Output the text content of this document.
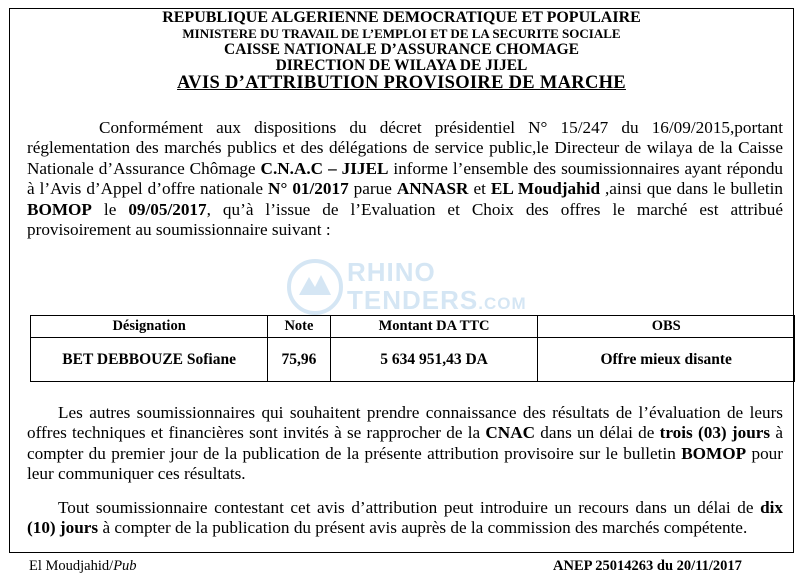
REPUBLIQUE ALGERIENNE DEMOCRATIQUE ET POPULAIRE
MINISTERE DU TRAVAIL DE L’EMPLOI ET DE LA SECURITE SOCIALE
CAISSE NATIONALE D’ASSURANCE CHOMAGE
DIRECTION DE WILAYA DE JIJEL
AVIS D’ATTRIBUTION PROVISOIRE DE MARCHE
Conformément aux dispositions du décret présidentiel N° 15/247 du 16/09/2015,portant réglementation des marchés publics et des délégations de service public,le Directeur de wilaya de la Caisse Nationale d’Assurance Chômage C.N.A.C – JIJEL informe l’ensemble des soumissionnaires ayant répondu à l’Avis d’Appel d’offre nationale N° 01/2017 parue ANNASR et EL Moudjahid ,ainsi que dans le bulletin BOMOP le 09/05/2017, qu’à l’issue de l’Evaluation et Choix des offres le marché est attribué provisoirement au soumissionnaire suivant :
RHINO
TENDERS.COM
Désignation	Note	Montant DA TTC	OBS
BET DEBBOUZE Sofiane	75,96	5 634 951,43 DA	Offre mieux disante
Les autres soumissionnaires qui souhaitent prendre connaissance des résultats de l’évaluation de leurs offres techniques et financières sont invités à se rapprocher de la CNAC dans un délai de trois (03) jours à compter du premier jour de la publication de la présente attribution provisoire sur le bulletin BOMOP pour leur communiquer ces résultats.
Tout soumissionnaire contestant cet avis d’attribution peut introduire un recours dans un délai de dix (10) jours à compter de la publication du présent avis auprès de la commission des marchés compétente.
El Moudjahid/Pub	ANEP 25014263 du 20/11/2017
